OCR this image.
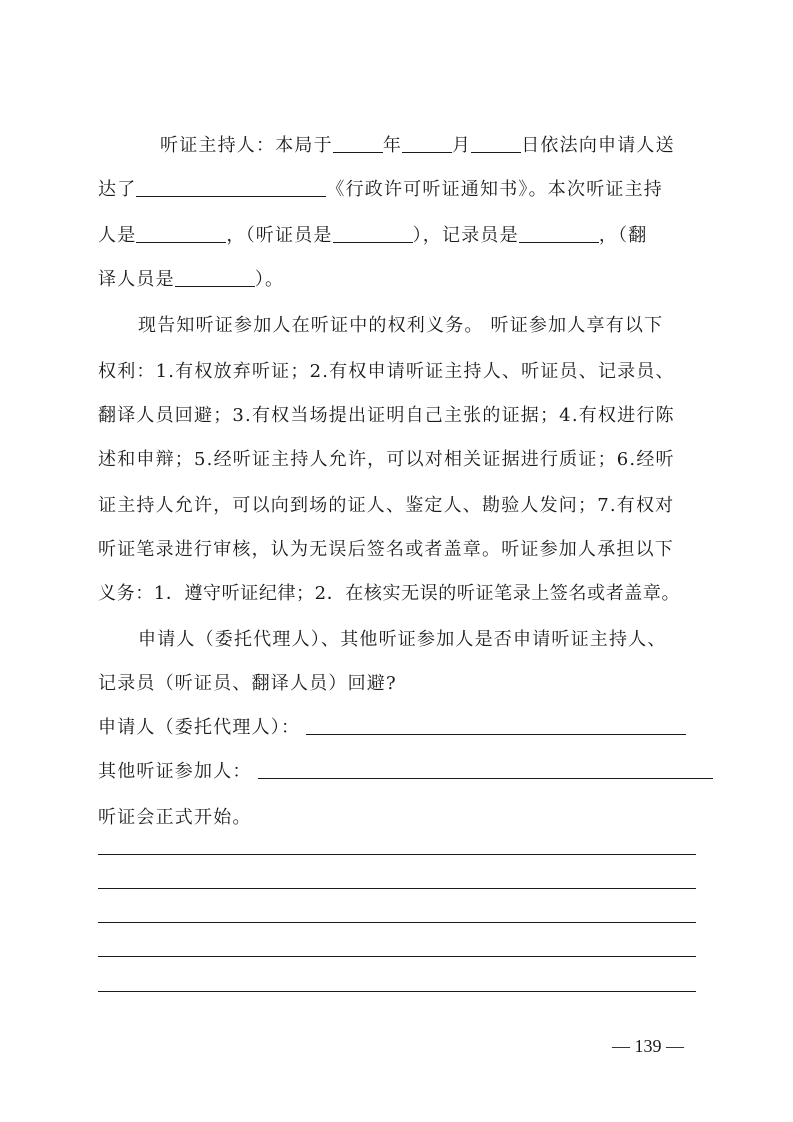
听证主持人：本局于	年	月	日依法向申请人送
达了	《行政许可听证通知书》。本次听证主持
人是	，（听证员是	），记录员是	，（翻
译人员是	）。
现告知听证参加人在听证中的权利义务。 听证参加人享有以下
权利：1.有权放弃听证；2.有权申请听证主持人、听证员、记录员、
翻译人员回避；3.有权当场提出证明自己主张的证据；4.有权进行陈
述和申辩；5.经听证主持人允许，可以对相关证据进行质证；6.经听
证主持人允许，可以向到场的证人、鉴定人、勘验人发问；7.有权对
听证笔录进行审核，认为无误后签名或者盖章。听证参加人承担以下
义务：1．遵守听证纪律；2．在核实无误的听证笔录上签名或者盖章。
申请人（委托代理人）、其他听证参加人是否申请听证主持人、
记录员（听证员、翻译人员）回避?
申请人（委托代理人）：
其他听证参加人：
听证会正式开始。
— 139 —
